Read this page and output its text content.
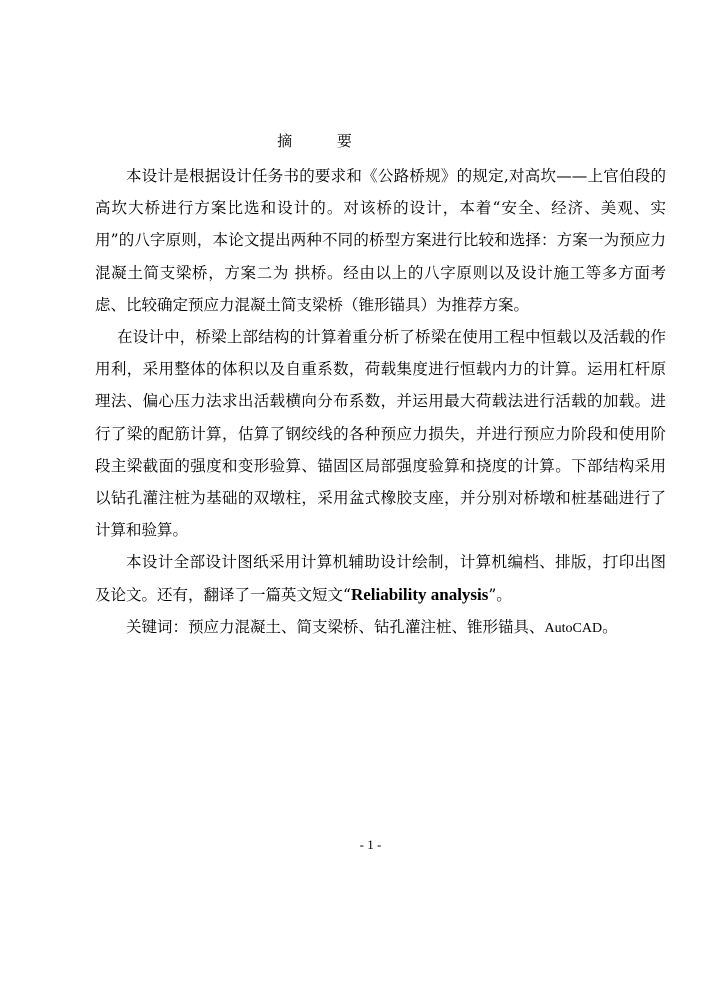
摘 要

本设计是根据设计任务书的要求和《公路桥规》的规定,对高坎——上官伯段的高坎大桥进行方案比选和设计的。对该桥的设计，本着“安全、经济、美观、实用”的八字原则，本论文提出两种不同的桥型方案进行比较和选择：方案一为预应力混凝土简支梁桥，方案二为 拱桥。经由以上的八字原则以及设计施工等多方面考虑、比较确定预应力混凝土简支梁桥（锥形锚具）为推荐方案。

在设计中，桥梁上部结构的计算着重分析了桥梁在使用工程中恒载以及活载的作用利，采用整体的体积以及自重系数，荷载集度进行恒载内力的计算。运用杠杆原理法、偏心压力法求出活载横向分布系数，并运用最大荷载法进行活载的加载。进行了梁的配筋计算，估算了钢绞线的各种预应力损失，并进行预应力阶段和使用阶段主梁截面的强度和变形验算、锚固区局部强度验算和挠度的计算。下部结构采用以钻孔灌注桩为基础的双墩柱，采用盆式橡胶支座，并分别对桥墩和桩基础进行了计算和验算。

本设计全部设计图纸采用计算机辅助设计绘制，计算机编档、排版，打印出图及论文。还有，翻译了一篇英文短文“Reliability analysis”。

关键词：预应力混凝土、简支梁桥、钻孔灌注桩、锥形锚具、AutoCAD。

- 1 -
